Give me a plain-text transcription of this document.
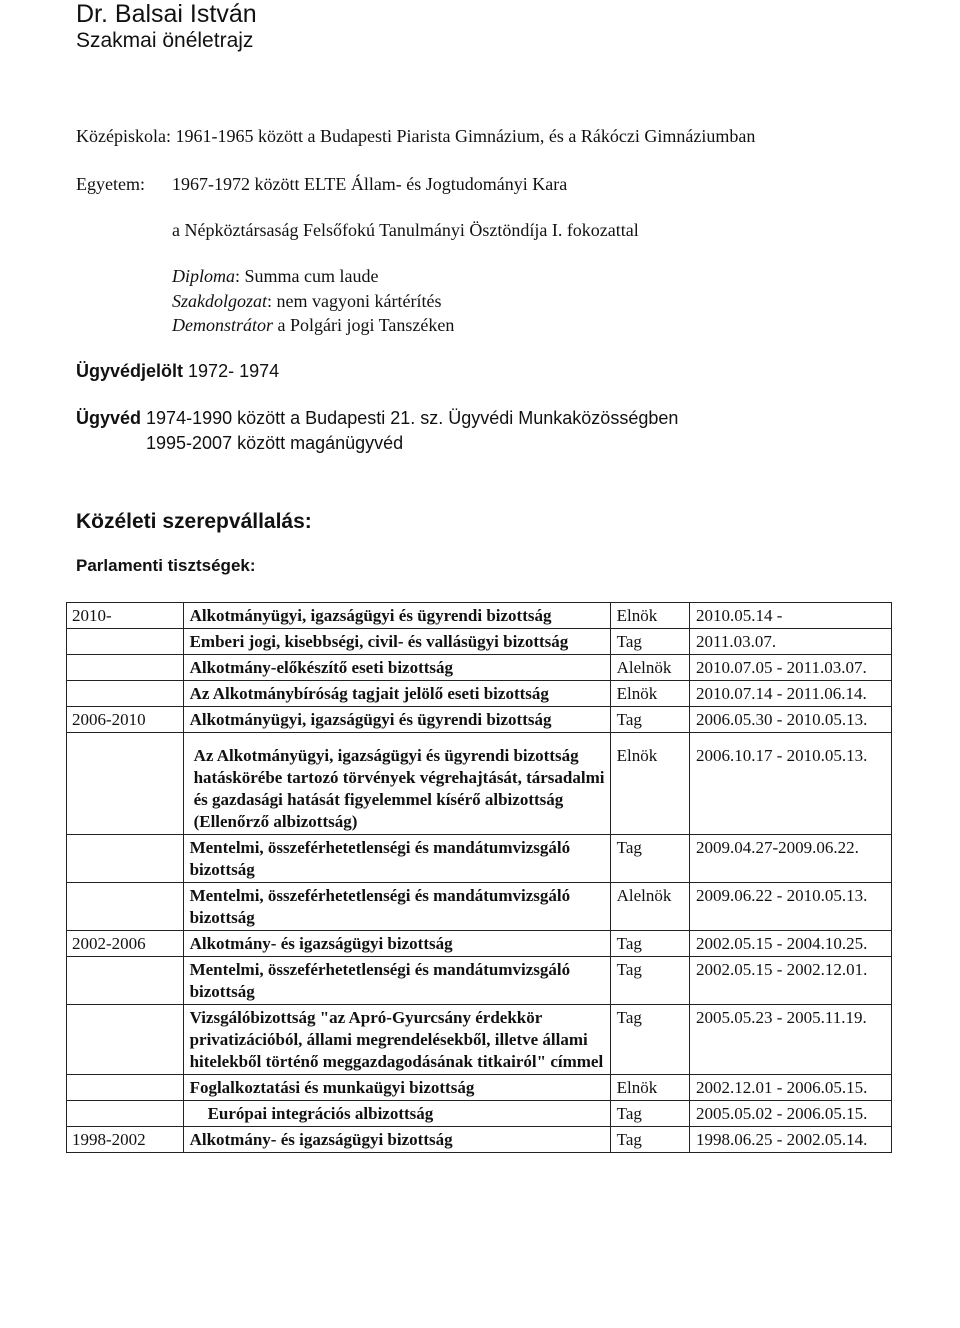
Dr. Balsai István
Szakmai önéletrajz
Középiskola: 1961-1965 között a Budapesti Piarista Gimnázium, és a Rákóczi Gimnáziumban
Egyetem: 1967-1972 között ELTE Állam- és Jogtudományi Kara
a Népköztársaság Felsőfokú Tanulmányi Ösztöndíja I. fokozattal
Diploma: Summa cum laude
Szakdolgozat: nem vagyoni kártérítés
Demonstrátor a Polgári jogi Tanszéken
Ügyvédjelölt 1972- 1974
Ügyvéd 1974-1990 között a Budapesti 21. sz. Ügyvédi Munkaközösségben
1995-2007 között magánügyvéd
Közéleti szerepvállalás:
Parlamenti tisztségek:
2010-	Alkotmányügyi, igazságügyi és ügyrendi bizottság	Elnök	2010.05.14 -
	Emberi jogi, kisebbségi, civil- és vallásügyi bizottság	Tag	2011.03.07.
	Alkotmány-előkészítő eseti bizottság	Alelnök	2010.07.05 - 2011.03.07.
	Az Alkotmánybíróság tagjait jelölő eseti bizottság	Elnök	2010.07.14 - 2011.06.14.
2006-2010	Alkotmányügyi, igazságügyi és ügyrendi bizottság	Tag	2006.05.30 - 2010.05.13.
	Az Alkotmányügyi, igazságügyi és ügyrendi bizottság hatáskörébe tartozó törvények végrehajtását, társadalmi és gazdasági hatását figyelemmel kísérő albizottság (Ellenőrző albizottság)	Elnök	2006.10.17 - 2010.05.13.
	Mentelmi, összeférhetetlenségi és mandátumvizsgáló bizottság	Tag	2009.04.27-2009.06.22.
	Mentelmi, összeférhetetlenségi és mandátumvizsgáló bizottság	Alelnök	2009.06.22 - 2010.05.13.
2002-2006	Alkotmány- és igazságügyi bizottság	Tag	2002.05.15 - 2004.10.25.
	Mentelmi, összeférhetetlenségi és mandátumvizsgáló bizottság	Tag	2002.05.15 - 2002.12.01.
	Vizsgálóbizottság "az Apró-Gyurcsány érdekkör privatizációból, állami megrendelésekből, illetve állami hitelekből történő meggazdagodásának titkairól" címmel	Tag	2005.05.23 - 2005.11.19.
	Foglalkoztatási és munkaügyi bizottság	Elnök	2002.12.01 - 2006.05.15.
	Európai integrációs albizottság	Tag	2005.05.02 - 2006.05.15.
1998-2002	Alkotmány- és igazságügyi bizottság	Tag	1998.06.25 - 2002.05.14.
